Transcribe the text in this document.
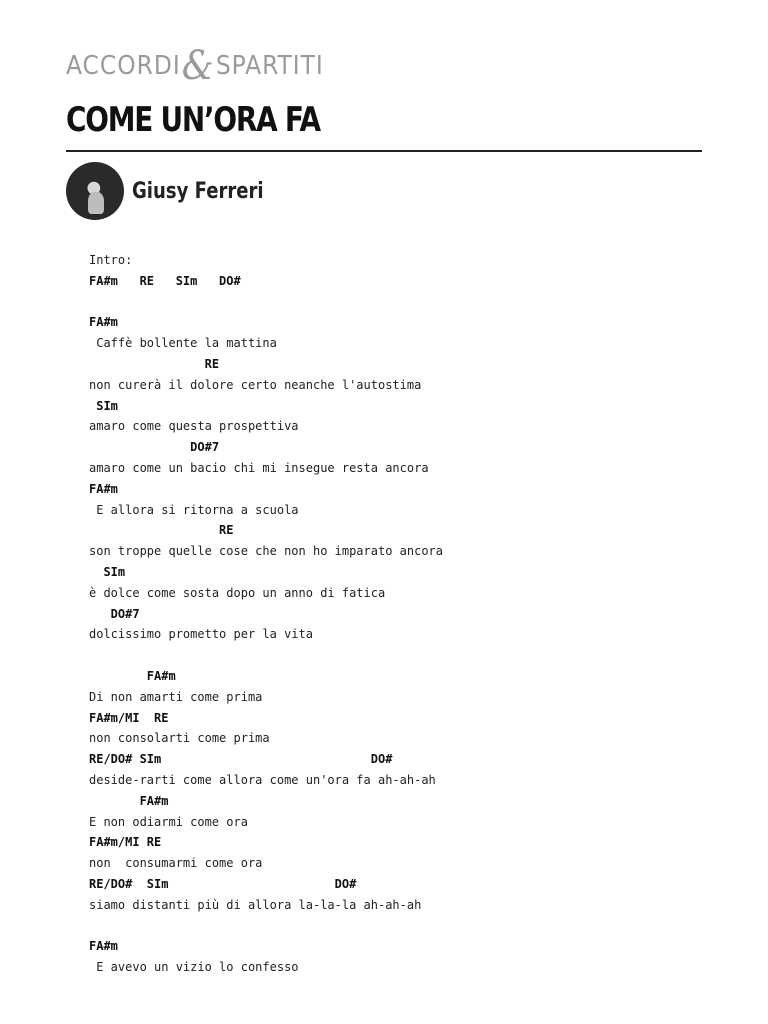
ACCORDI & SPARTITI
COME UN’ORA FA
Giusy Ferreri
Intro:
FA#m   RE   SIm   DO#
FA#m
Caffè bollente la mattina
RE
non curerà il dolore certo neanche l'autostima
SIm
amaro come questa prospettiva
DO#7
amaro come un bacio chi mi insegue resta ancora
FA#m
E allora si ritorna a scuola
RE
son troppe quelle cose che non ho imparato ancora
SIm
è dolce come sosta dopo un anno di fatica
DO#7
dolcissimo prometto per la vita
FA#m
Di non amarti come prima
FA#m/MI  RE
non consolarti come prima
RE/DO# SIm                             DO#
deside-rarti come allora come un'ora fa ah-ah-ah
FA#m
E non odiarmi come ora
FA#m/MI RE
non  consumarmi come ora
RE/DO#  SIm                       DO#
siamo distanti più di allora la-la-la ah-ah-ah
FA#m
E avevo un vizio lo confesso
